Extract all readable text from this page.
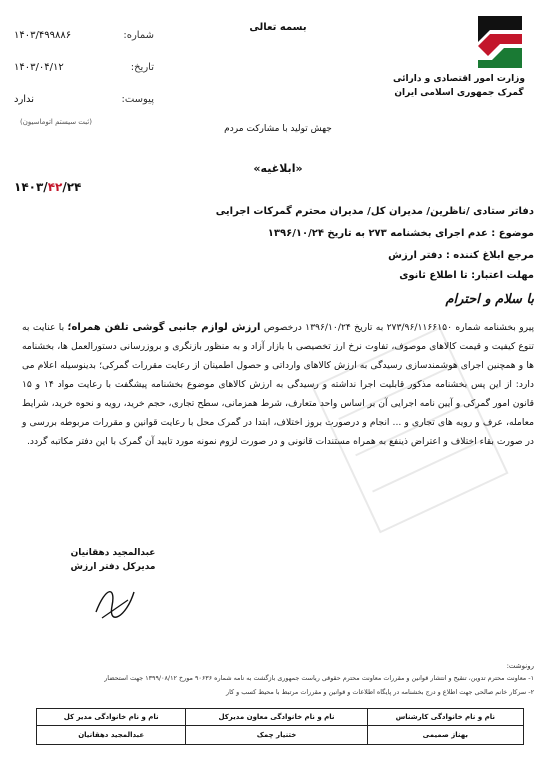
بسمه تعالی
وزارت امور اقتصادی و دارائی
گمرک جمهوری اسلامی ایران
جهش تولید با مشارکت مردم
شماره:
۱۴۰۳/۴۹۹۸۸۶
تاریخ:
۱۴۰۳/۰۴/۱۲
پیوست:
ندارد
(ثبت سیستم اتوماسیون)
«ابلاغیه»
۱۴۰۳/۴۲/۲۴
دفاتر ستادی /ناظرین/ مدیران کل/ مدیران محترم گمرکات اجرایی
موضوع : عدم اجرای بخشنامه ۲۷۳ به تاریخ ۱۳۹۶/۱۰/۲۴
مرجع ابلاغ کننده : دفتر ارزش
مهلت اعتبار: تا اطلاع ثانوی
با سلام و احترام
پیرو بخشنامه شماره ۲۷۳/۹۶/۱۱۶۶۱۵۰ به تاریخ ۱۳۹۶/۱۰/۲۴ درخصوص ارزش لوازم جانبی گوشی تلفن همراه؛ با عنایت به تنوع کیفیت و قیمت کالاهای موصوف، تفاوت نرخ ارز تخصیصی با بازار آزاد و به منظور بازنگری و بروزرسانی دستورالعمل ها، بخشنامه ها و همچنین اجرای هوشمندسازی رسیدگی به ارزش کالاهای وارداتی و حصول اطمینان از رعایت مقررات گمرکی؛ بدینوسیله اعلام می دارد: از این پس بخشنامه مذکور قابلیت اجرا نداشته و رسیدگی به ارزش کالاهای موضوع بخشنامه پیشگفت با رعایت مواد ۱۴ و ۱۵ قانون امور گمرکی و آیین نامه اجرایی آن بر اساس واحد متعارف، شرط همزمانی، سطح تجاری، حجم خرید، رویه و نحوه خرید، شرایط معامله، عرف و رویه های تجاری و ... انجام و درصورت بروز اختلاف، ابتدا در گمرک محل با رعایت قوانین و مقررات مربوطه بررسی و در صورت بقاء اختلاف و اعتراض ذینفع به همراه مستندات قانونی و در صورت لزوم نمونه مورد تایید آن گمرک با این دفتر مکاتبه گردد.
عبدالمجید دهقانیان
مدیرکل دفتر ارزش
رونوشت:
۱- معاونت محترم تدوین، تنقیح و انتشار قوانین و مقررات معاونت محترم حقوقی ریاست جمهوری بازگشت به نامه شماره ۹۰۶۳۶ مورخ ۱۳۹۹/۰۸/۱۲ جهت استحضار
۲- سرکار خانم صالحی جهت اطلاع و درج بخشنامه در پایگاه اطلاعات و قوانین و مقررات مرتبط با محیط کسب و کار
نام و نام خانوادگی کارشناس	نام و نام خانوادگی معاون مدیرکل	نام و نام خانوادگی مدیر کل
بهناز صمیمی	ختنیار چمک	عبدالمجید دهقانیان
